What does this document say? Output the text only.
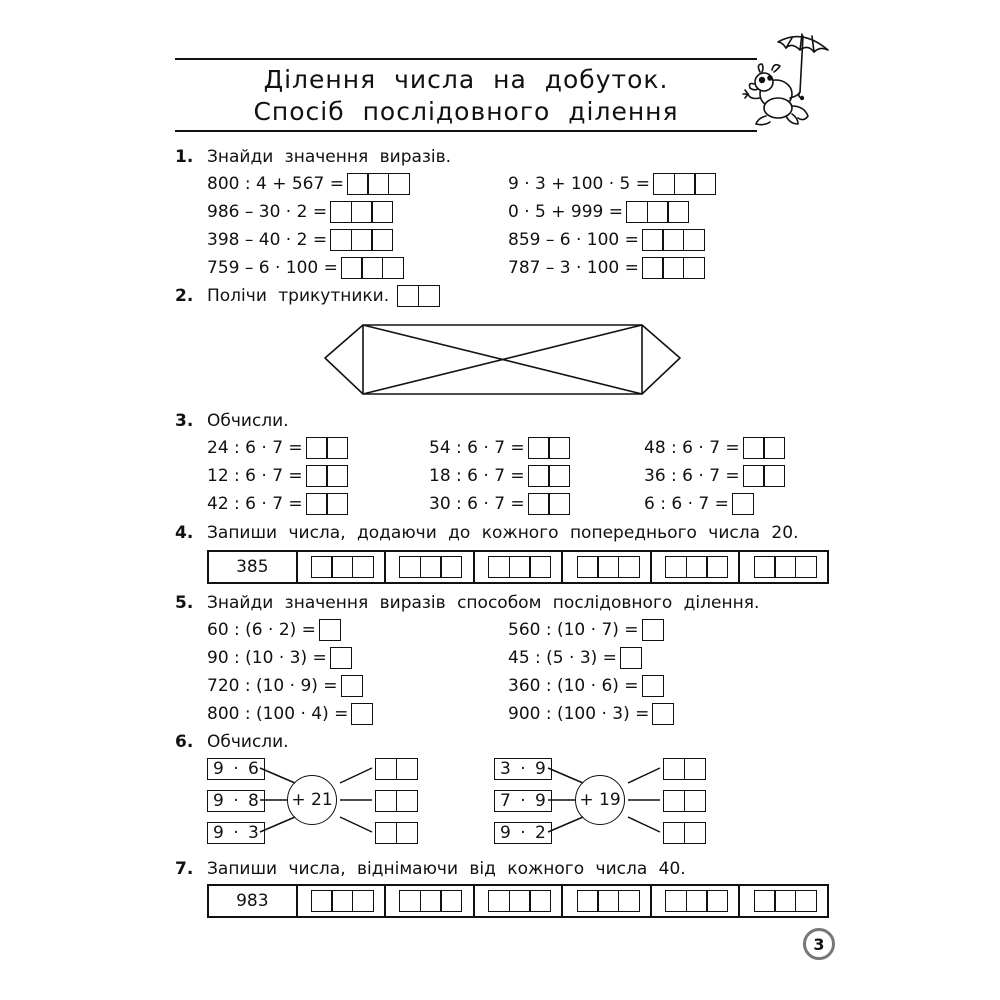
Ділення числа на добуток.
Спосіб послідовного ділення
1. Знайди значення виразів.
800 : 4 + 567 =
986 – 30 · 2 =
398 – 40 · 2 =
759 – 6 · 100 =
9 · 3 + 100 · 5 =
0 · 5 + 999 =
859 – 6 · 100 =
787 – 3 · 100 =
2. Полічи трикутники.
3. Обчисли.
24 : 6 · 7 =
12 : 6 · 7 =
42 : 6 · 7 =
54 : 6 · 7 =
18 : 6 · 7 =
30 : 6 · 7 =
48 : 6 · 7 =
36 : 6 · 7 =
6 : 6 · 7 =
4. Запиши числа, додаючи до кожного попереднього числа 20.
385
5. Знайди значення виразів способом послідовного ділення.
60 : (6 · 2) =
90 : (10 · 3) =
720 : (10 · 9) =
800 : (100 · 4) =
560 : (10 · 7) =
45 : (5 · 3) =
360 : (10 · 6) =
900 : (100 · 3) =
6. Обчисли.
9 · 6
9 · 8
9 · 3
+ 21
3 · 9
7 · 9
9 · 2
+ 19
7. Запиши числа, віднімаючи від кожного числа 40.
983
3
